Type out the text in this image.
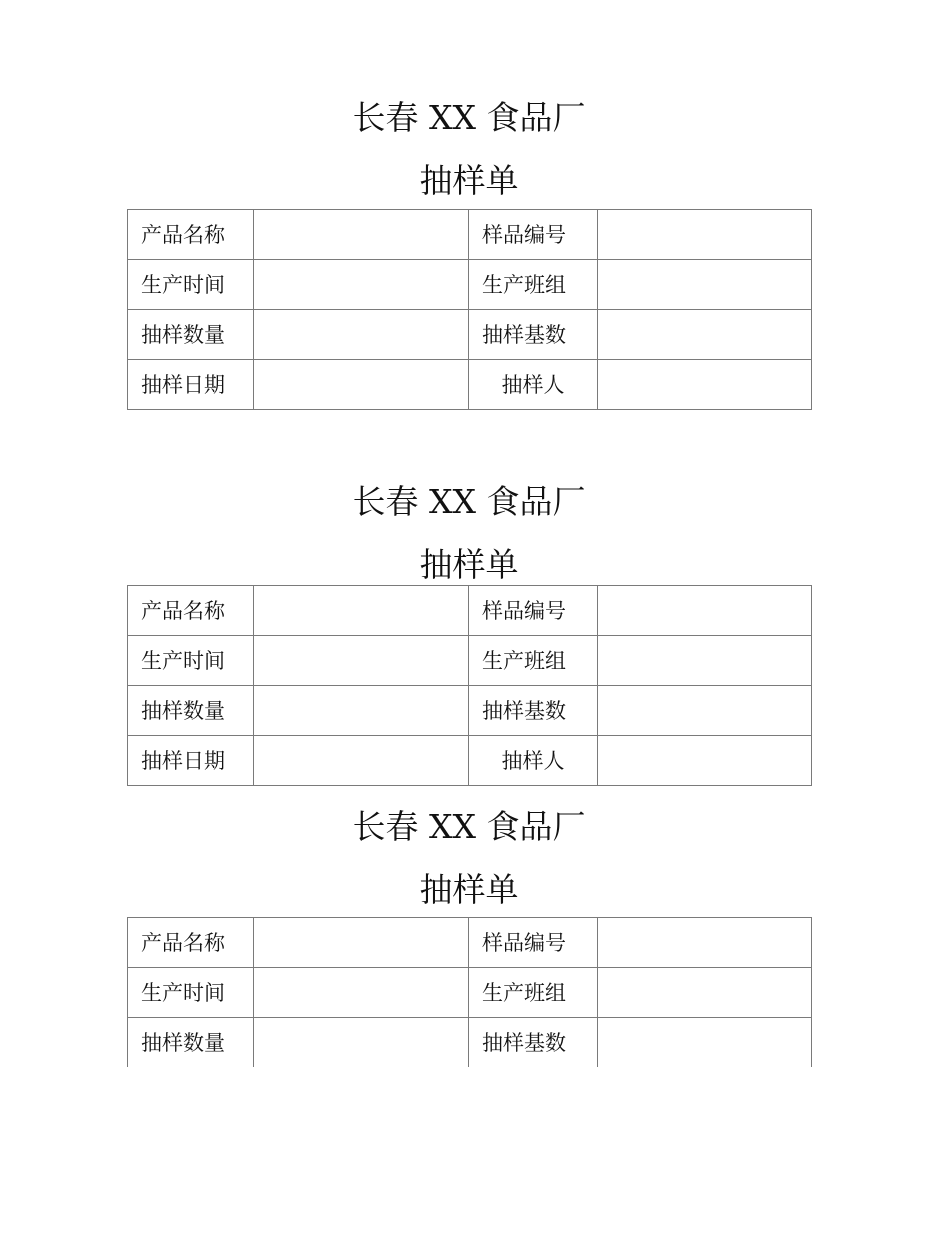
长春 XX 食品厂
抽样单
产品名称		样品编号	
生产时间		生产班组	
抽样数量		抽样基数	
抽样日期		抽样人	
长春 XX 食品厂
抽样单
产品名称		样品编号	
生产时间		生产班组	
抽样数量		抽样基数	
抽样日期		抽样人	
长春 XX 食品厂
抽样单
产品名称		样品编号	
生产时间		生产班组	
抽样数量		抽样基数	
